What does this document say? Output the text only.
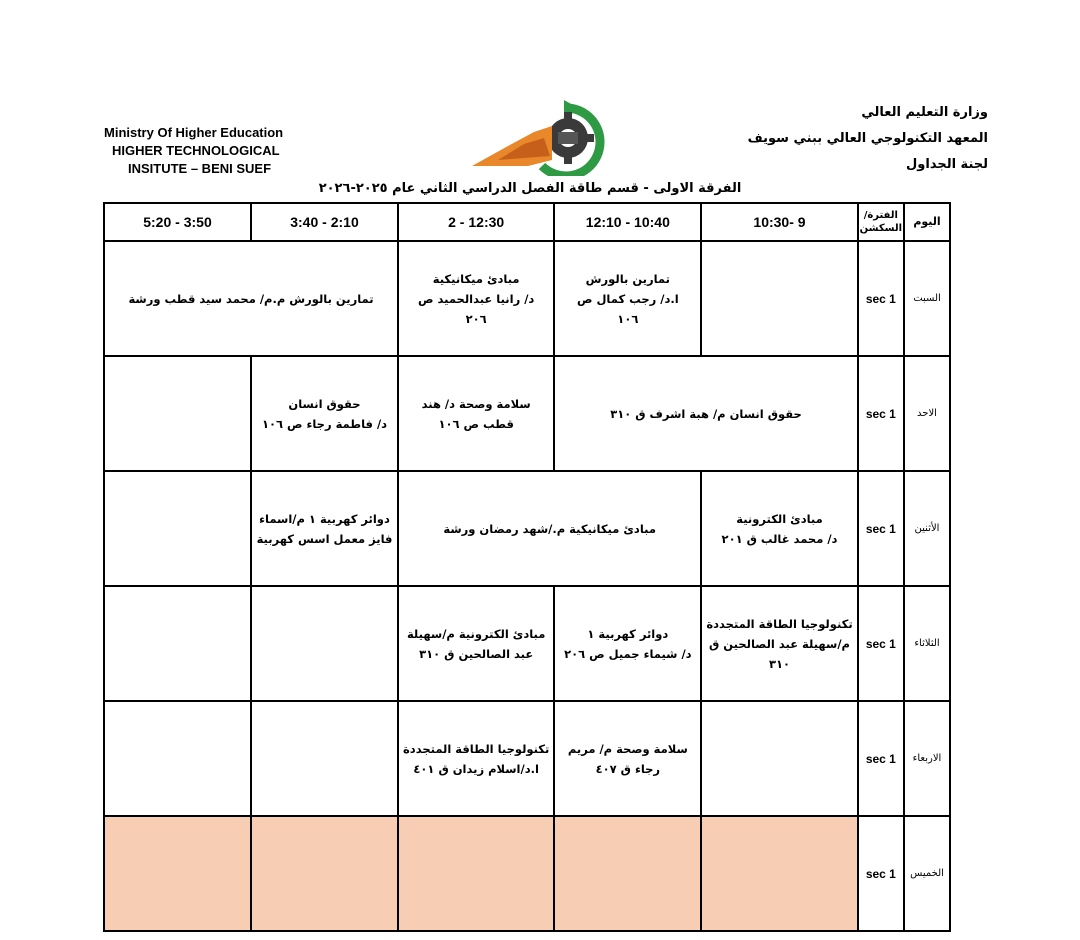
Ministry Of Higher Education
HIGHER TECHNOLOGICAL
INSITUTE – BENI SUEF
وزارة التعليم العالي
المعهد التكنولوجي العالي ببني سويف
لجنة الجداول
الفرقة الاولى - قسم طاقة الفصل الدراسي الثاني عام ٢٠٢٥-٢٠٢٦
3:50 - 5:20	2:10 - 3:40	12:30 - 2	10:40 - 12:10	9 -10:30	الفترة/
السكشن	اليوم
تمارين بالورش م.م/ محمد سيد قطب ورشة		مبادئ ميكانيكية
د/ رانيا عبدالحميد ص
٢٠٦	تمارين بالورش
ا.د/ رجب كمال ص
١٠٦		sec 1	السبت

	حقوق انسان
د/ فاطمة رجاء ص ١٠٦	سلامة وصحة د/ هند
قطب ص ١٠٦	حقوق انسان م/ هبة اشرف ق ٣١٠		sec 1	الاحد

	دوائر كهربية ١ م/اسماء
فايز معمل اسس كهربية	مبادئ ميكانيكية م./شهد رمضان ورشة		مبادئ الكترونية
د/ محمد غالب ق ٢٠١	sec 1	الأثنين

		مبادئ الكترونية م/سهيلة
عبد الصالحين ق ٣١٠	دوائر كهربية ١
د/ شيماء جميل ص ٢٠٦	تكنولوجيا الطاقة المتجددة
م/سهيلة عبد الصالحين ق
٣١٠	sec 1	الثلاثاء

		تكنولوجيا الطاقة المتجددة
ا.د/اسلام زيدان ق ٤٠١	سلامة وصحة م/ مريم
رجاء ق ٤٠٧		sec 1	الاربعاء
					sec 1	الخميس
